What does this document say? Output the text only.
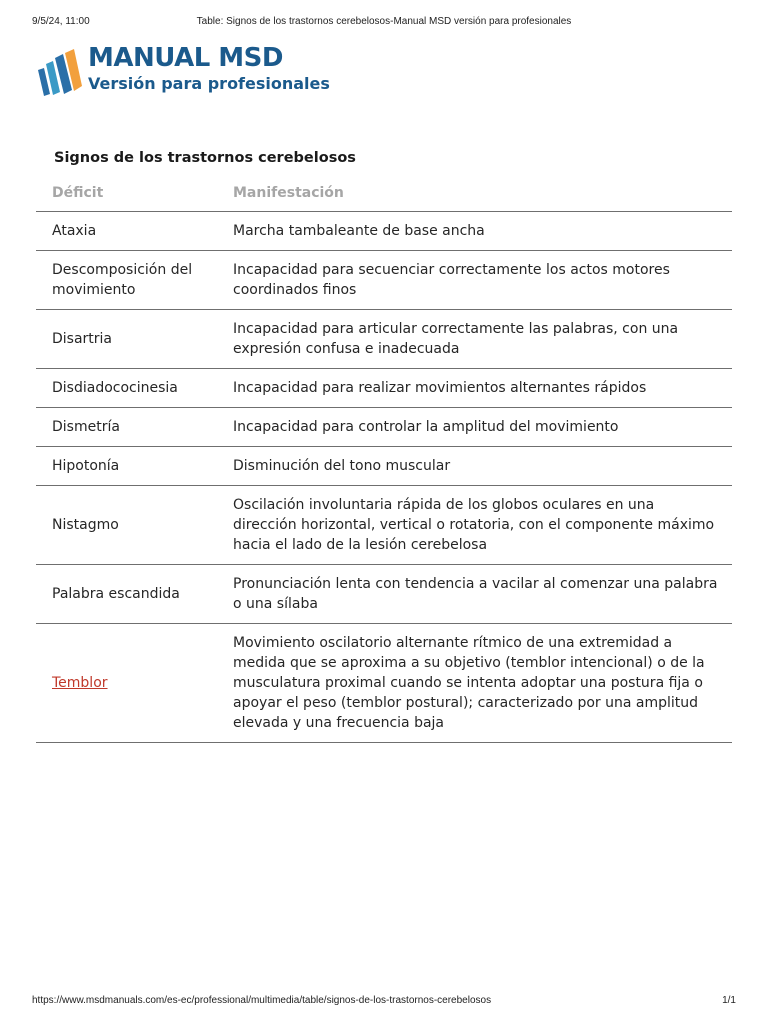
9/5/24, 11:00	Table: Signos de los trastornos cerebelosos-Manual MSD versión para profesionales
MANUAL MSD
Versión para profesionales
Signos de los trastornos cerebelosos
Déficit	Manifestación
Ataxia	Marcha tambaleante de base ancha
Descomposición del movimiento	Incapacidad para secuenciar correctamente los actos motores coordinados finos
Disartria	Incapacidad para articular correctamente las palabras, con una expresión confusa e inadecuada
Disdiadococinesia	Incapacidad para realizar movimientos alternantes rápidos
Dismetría	Incapacidad para controlar la amplitud del movimiento
Hipotonía	Disminución del tono muscular
Nistagmo	Oscilación involuntaria rápida de los globos oculares en una dirección horizontal, vertical o rotatoria, con el componente máximo hacia el lado de la lesión cerebelosa
Palabra escandida	Pronunciación lenta con tendencia a vacilar al comenzar una palabra o una sílaba
Temblor	Movimiento oscilatorio alternante rítmico de una extremidad a medida que se aproxima a su objetivo (temblor intencional) o de la musculatura proximal cuando se intenta adoptar una postura fija o apoyar el peso (temblor postural); caracterizado por una amplitud elevada y una frecuencia baja
https://www.msdmanuals.com/es-ec/professional/multimedia/table/signos-de-los-trastornos-cerebelosos	1/1
